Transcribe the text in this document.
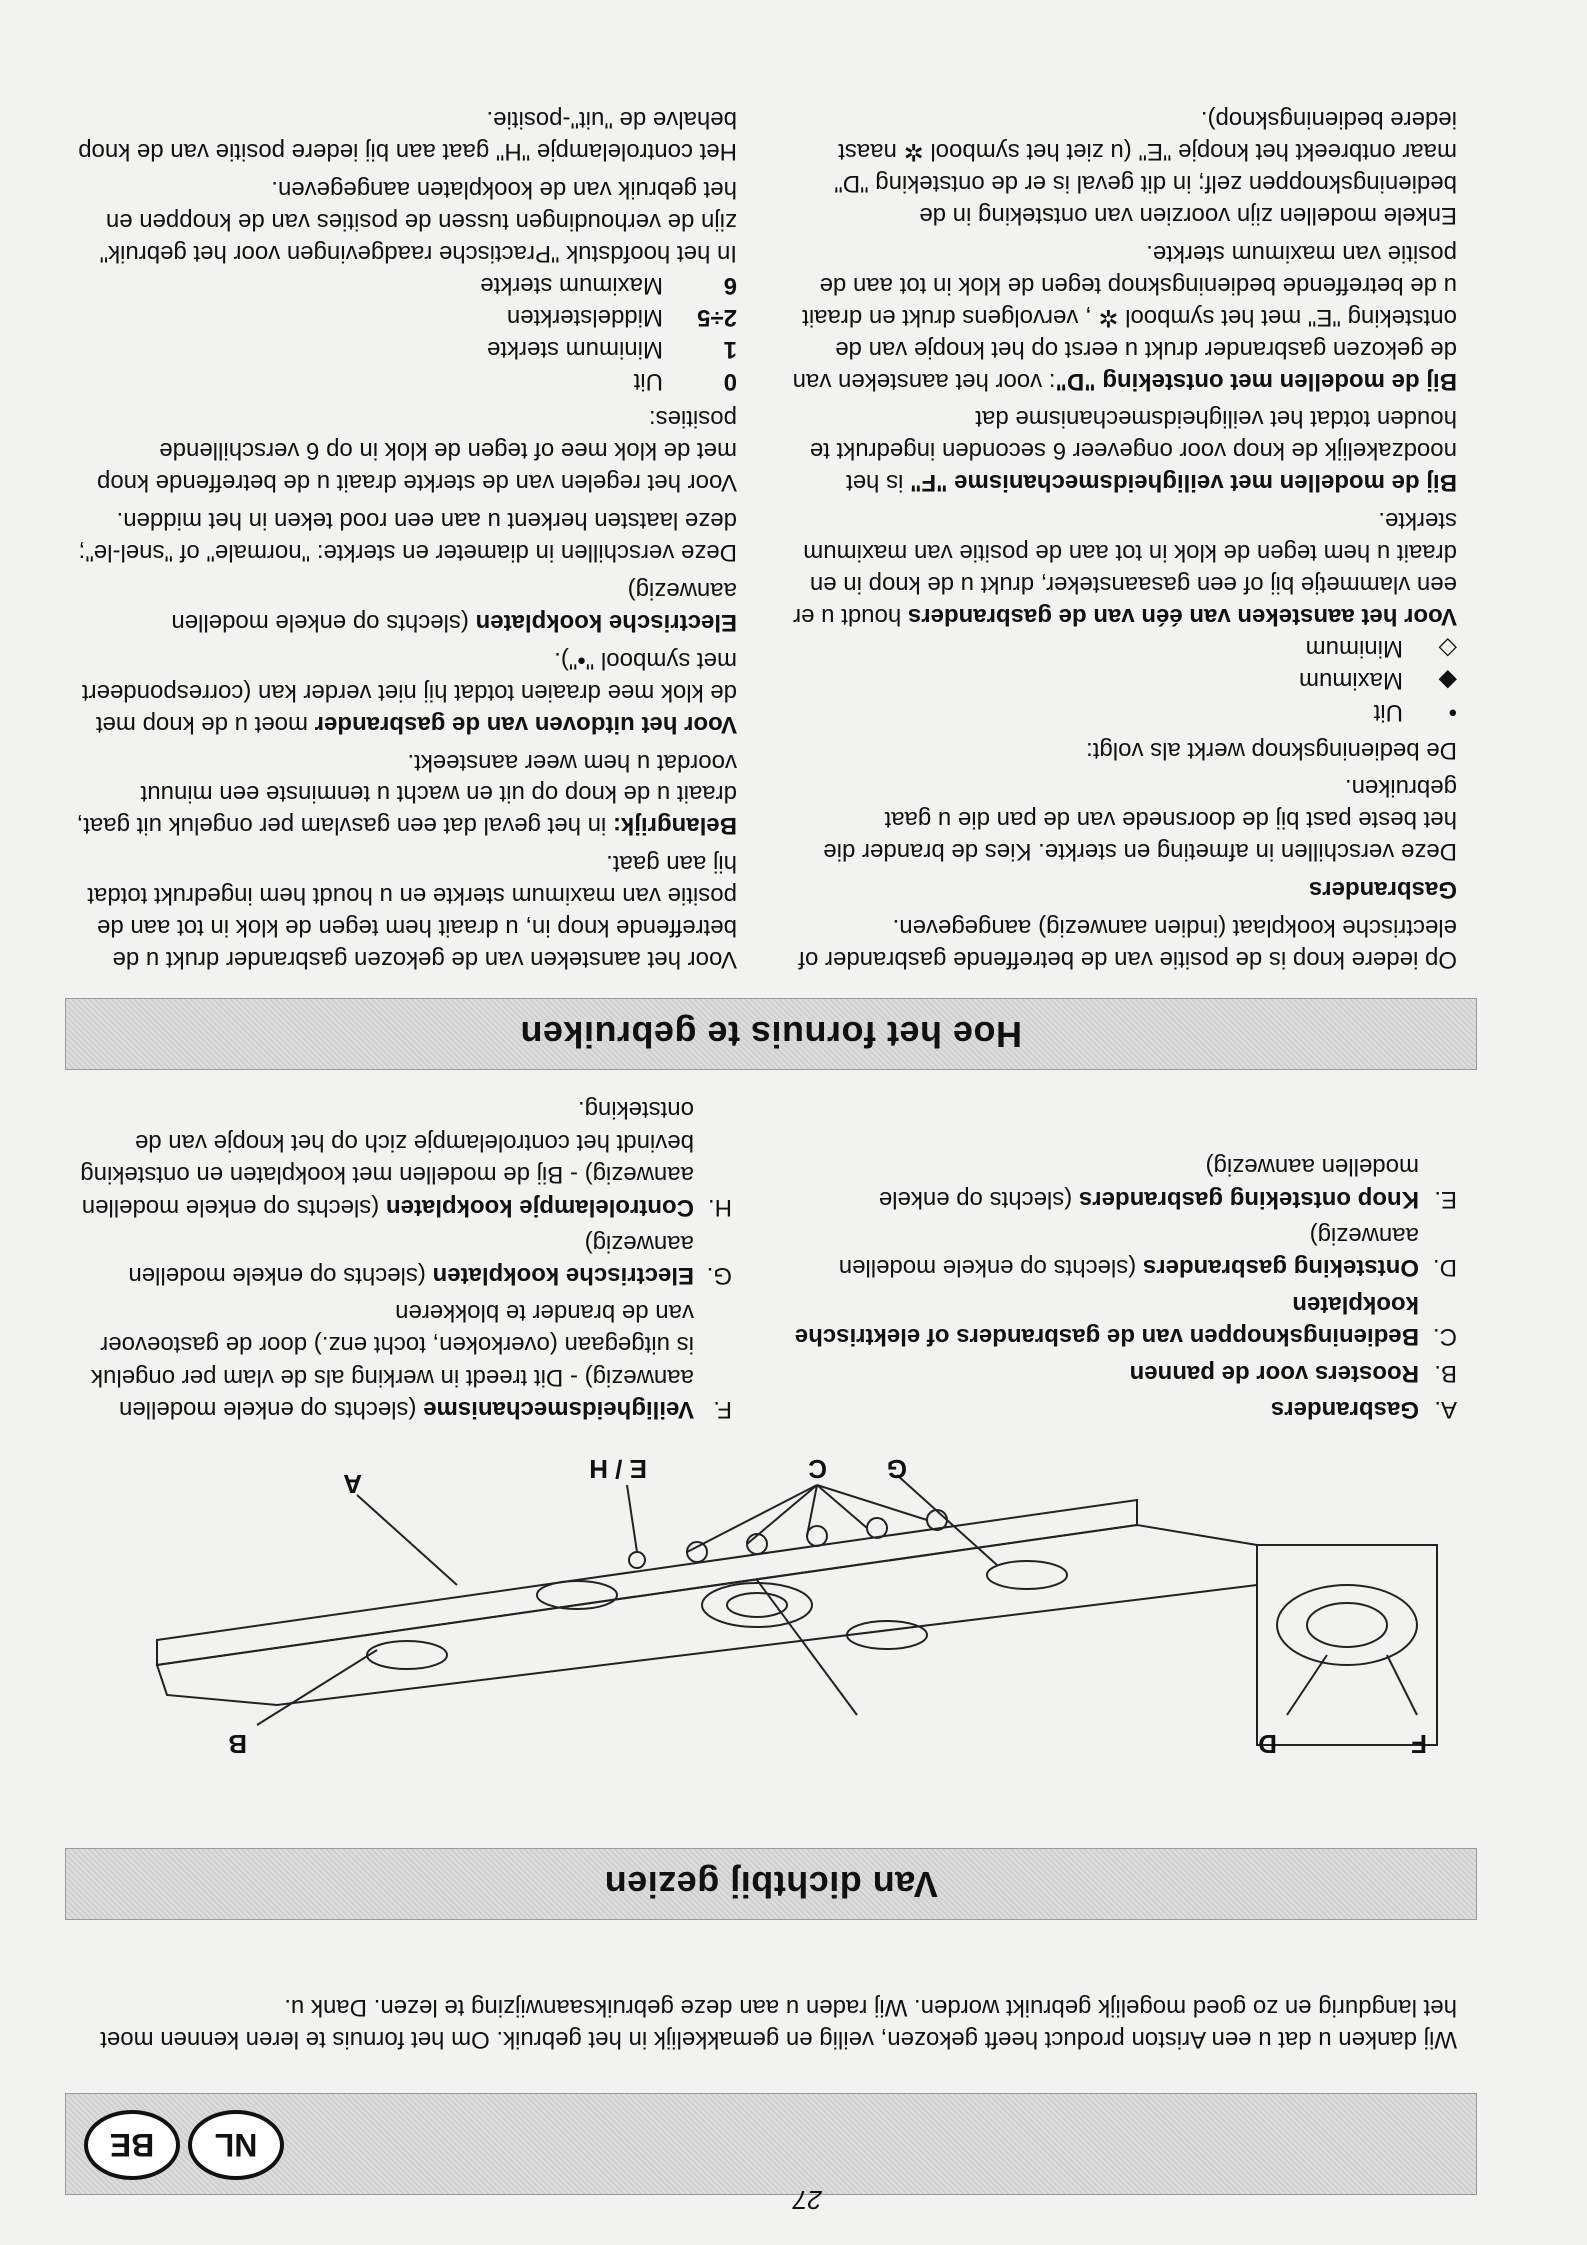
NL
BE
27

Wij danken u dat u een Ariston product heeft gekozen, veilig en gemakkelijk in het gebruik. Om het fornuis te leren kennen moet het langdurig en zo goed mogelijk gebruikt worden. Wij raden u aan deze gebruiksaanwijzing te lezen. Dank u.

Van dichtbij gezien
A
B
C
D
E / H
F
G
A.
Gasbranders
B.
Roosters voor de pannen
C.
Bedieningsknoppen van de gasbranders of elektrische kookplaten
D.
Ontsteking gasbranders (slechts op enkele modellen aanwezig)
E.
Knop ontsteking gasbranders (slechts op enkele modellen aanwezig)
F.
Veiligheidsmechanisme (slechts op enkele modellen aanwezig) - Dit treedt in werking als de vlam per ongeluk is uitgegaan (overkoken, tocht enz.) door de gastoevoer van de brander te blokkeren
G.
Electrische kookplaten (slechts op enkele modellen aanwezig)
H.
Controlelampje kookplaten (slechts op enkele modellen aanwezig) - Bij de modellen met kookplaten en ontsteking bevindt het controlelampje zich op het knopje van de ontsteking.
Hoe het fornuis te gebruiken

Op iedere knop is de positie van de betreffende gasbrander of electrische kookplaat (indien aanwezig) aangegeven.

Gasbranders

Deze verschillen in afmeting en sterkte. Kies de brander die het beste past bij de doorsnede van de pan die u gaat gebruiken.

De bedieningsknop werkt als volgt:

•
Uit
◆
Maximum
◇
Minimum

Voor het aansteken van één van de gasbranders houdt u er een vlammetje bij of een gasaansteker, drukt u de knop in en draait u hem tegen de klok in tot aan de positie van maximum sterkte.

Bij de modellen met veiligheidsmechanisme "F" is het noodzakelijk de knop voor ongeveer 6 seconden ingedrukt te houden totdat het veiligheidsmechanisme dat

Bij de modellen met ontsteking "D": voor het aansteken van de gekozen gasbrander drukt u eerst op het knopje van de ontsteking "E" met het symbool ✲ , vervolgens drukt en draait u de betreffende bedieningsknop tegen de klok in tot aan de positie van maximum sterkte.

Enkele modellen zijn voorzien van ontsteking in de bedieningsknoppen zelf; in dit geval is er de ontsteking "D" maar ontbreekt het knopje "E" (u ziet het symbool ✲ naast iedere bedieningsknop).

Voor het aansteken van de gekozen gasbrander drukt u de betreffende knop in, u draait hem tegen de klok in tot aan de positie van maximum sterkte en u houdt hem ingedrukt totdat hij aan gaat.

Belangrijk: in het geval dat een gasvlam per ongeluk uit gaat, draait u de knop op uit en wacht u tenminste een minuut voordat u hem weer aansteekt.

Voor het uitdoven van de gasbrander moet u de knop met de klok mee draaien totdat hij niet verder kan (correspondeert met symbool "•").

Electrische kookplaten (slechts op enkele modellen aanwezig)

Deze verschillen in diameter en sterkte: "normale" of "snel-le"; deze laatsten herkent u aan een rood teken in het midden.

Voor het regelen van de sterkte draait u de betreffende knop met de klok mee of tegen de klok in op 6 verschillende posities:

0
Uit
1
Minimum sterkte
2÷5
Middelsterkten
6
Maximum sterkte

In het hoofdstuk "Practische raadgevingen voor het gebruik" zijn de verhoudingen tussen de posities van de knoppen en het gebruik van de kookplaten aangegeven.

Het controlelampje "H" gaat aan bij iedere positie van de knop behalve de "uit"-positie.
